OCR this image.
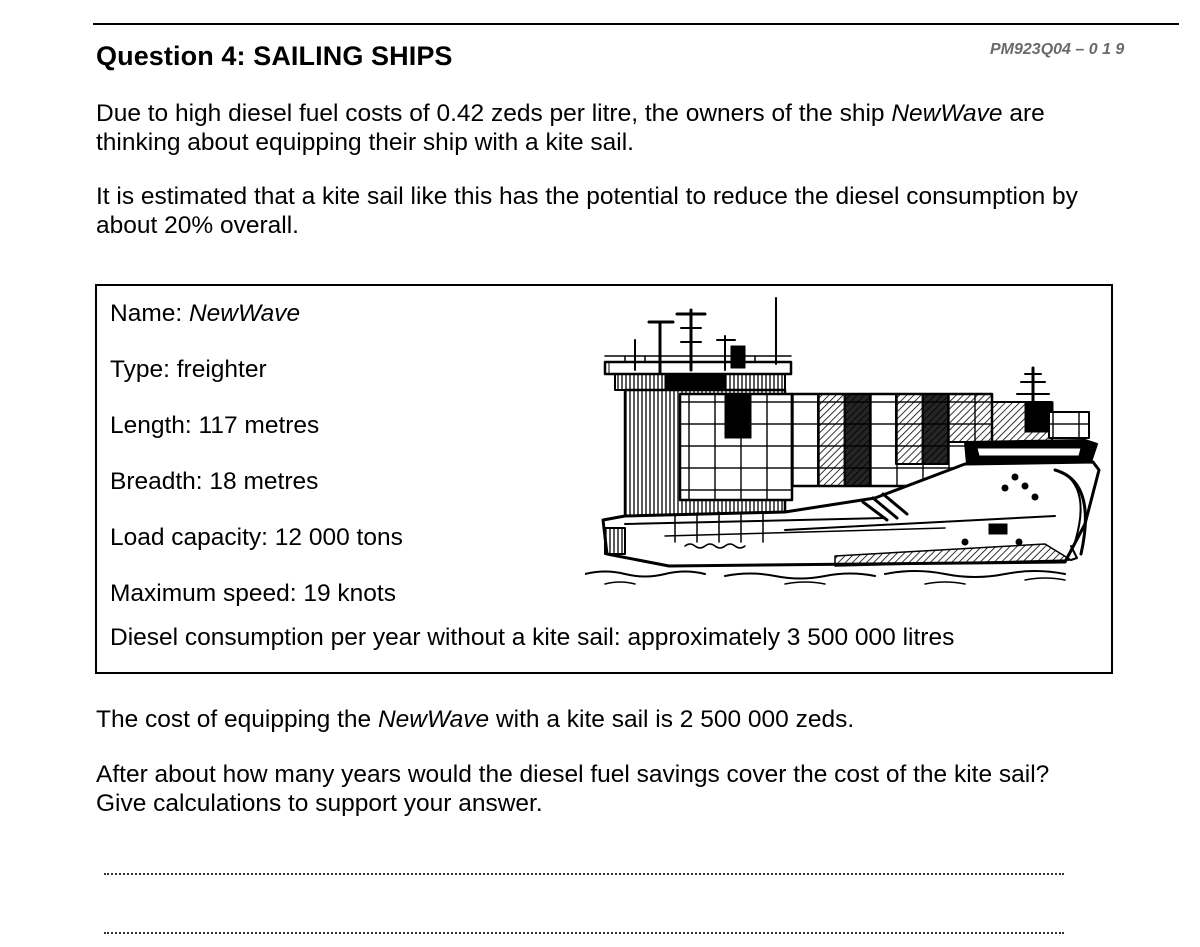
Question 4: SAILING SHIPS	PM923Q04 – 0 1 9
Due to high diesel fuel costs of 0.42 zeds per litre, the owners of the ship NewWave are thinking about equipping their ship with a kite sail.
It is estimated that a kite sail like this has the potential to reduce the diesel consumption by about 20% overall.
Name: NewWave
Type: freighter
Length: 117 metres
Breadth: 18 metres
Load capacity: 12 000 tons
Maximum speed: 19 knots
Diesel consumption per year without a kite sail: approximately 3 500 000 litres
The cost of equipping the NewWave with a kite sail is 2 500 000 zeds.
After about how many years would the diesel fuel savings cover the cost of the kite sail? Give calculations to support your answer.
